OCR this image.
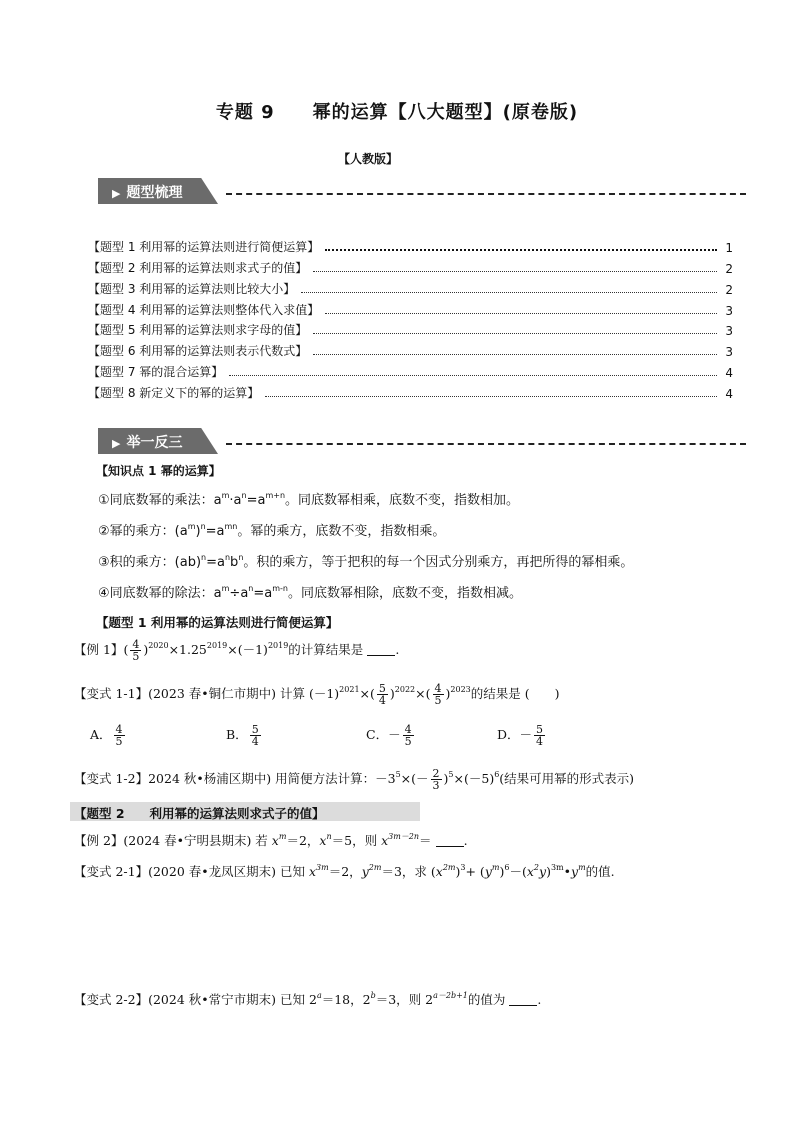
专题 9　　幂的运算【八大题型】(原卷版)
【人教版】
▶ 题型梳理
【题型 1 利用幂的运算法则进行简便运算】	1
【题型 2 利用幂的运算法则求式子的值】	2
【题型 3 利用幂的运算法则比较大小】	2
【题型 4 利用幂的运算法则整体代入求值】	3
【题型 5 利用幂的运算法则求字母的值】	3
【题型 6 利用幂的运算法则表示代数式】	3
【题型 7 幂的混合运算】	4
【题型 8 新定义下的幂的运算】	4
▶ 举一反三
【知识点 1 幂的运算】
①同底数幂的乘法：$a^m\cdot a^n=a^{m+n}$。同底数幂相乘，底数不变，指数相加。
②幂的乘方：$(a^m)^n=a^{mn}$。幂的乘方，底数不变，指数相乘。
③积的乘方：$(ab)^n=a^nb^n$。积的乘方，等于把积的每一个因式分别乘方，再把所得的幂相乘。
④同底数幂的除法：$a^m\div a^n=a^{m-n}$。同底数幂相除，底数不变，指数相减。
【题型 1 利用幂的运算法则进行简便运算】
【例 1】( $\frac{4}{5} )^{2020}\times 1.25^{2019}\times(-1)^{2019}$的计算结果是	.
【变式 1-1】(2023 春•铜仁市期中) 计算 $(-1)^{2021}\times( \frac{5}{4} )^{2022}\times( \frac{4}{5} )^{2023}$的结果是 (　　)
A． $\frac{4}{5}$	B． $\frac{5}{4}$	C．－ $\frac{4}{5}$	D．－ $\frac{5}{4}$
【变式 1-2】2024 秋•杨浦区期中) 用简便方法计算：$-3^5\times(- \frac{2}{3} )^5\times(-5)^6$(结果可用幂的形式表示)
【题型 2　　利用幂的运算法则求式子的值】
【例 2】(2024 春•宁明县期末) 若 $x^m=2$，$x^n=5$，则 $x^{3m-2n}=$	.
【变式 2-1】(2020 春•龙凤区期末) 已知 $x^{3m}=2$，$y^{2m}=3$，求 $(x^{2m})^3+$ $(y^m)^6-(x^2y)^{3m}•y^m$的值.
【变式 2-2】(2024 秋•常宁市期末) 已知 $2^a=18$，$2^b=3$，则 $2^{a-2b+1}$的值为	.
